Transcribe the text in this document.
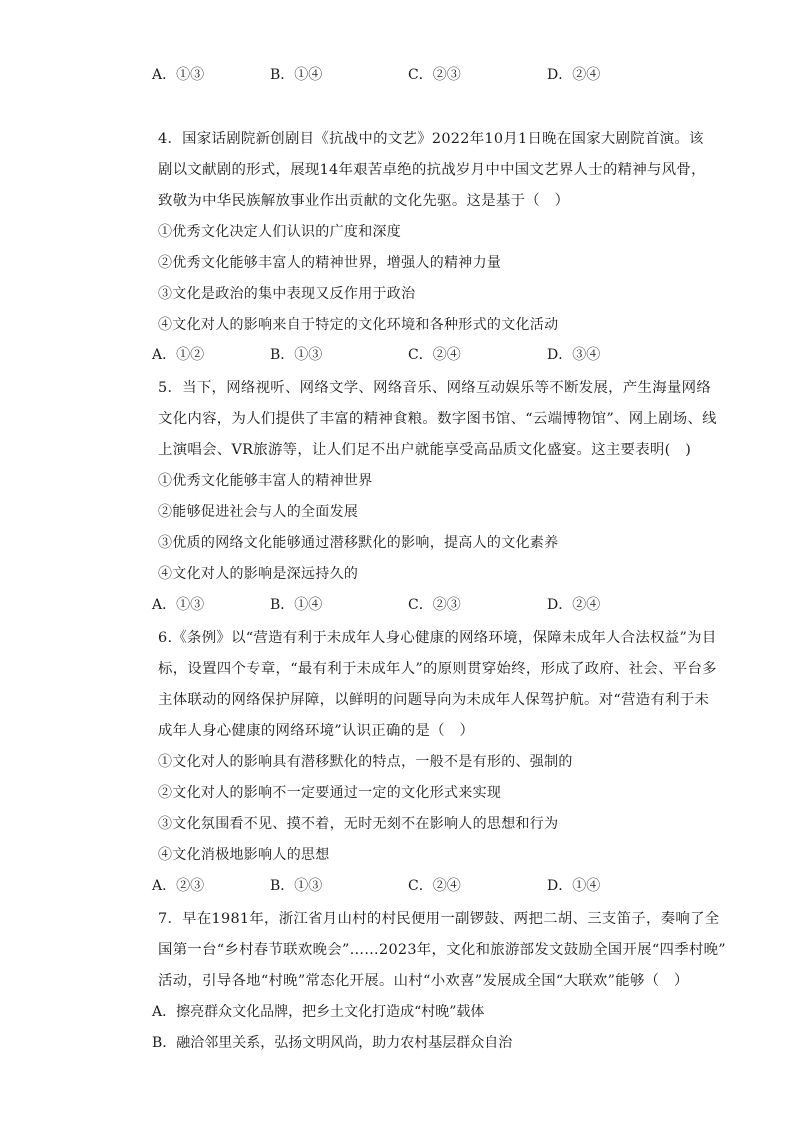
A．①③	B．①④	C．②③	D．②④
4．国家话剧院新创剧目《抗战中的文艺》2022年10月1日晚在国家大剧院首演。该
剧以文献剧的形式，展现14年艰苦卓绝的抗战岁月中中国文艺界人士的精神与风骨，
致敬为中华民族解放事业作出贡献的文化先驱。这是基于（　）
①优秀文化决定人们认识的广度和深度
②优秀文化能够丰富人的精神世界，增强人的精神力量
③文化是政治的集中表现又反作用于政治
④文化对人的影响来自于特定的文化环境和各种形式的文化活动
A．①②	B．①③	C．②④	D．③④
5．当下，网络视听、网络文学、网络音乐、网络互动娱乐等不断发展，产生海量网络
文化内容，为人们提供了丰富的精神食粮。数字图书馆、“云端博物馆”、网上剧场、线
上演唱会、VR旅游等，让人们足不出户就能享受高品质文化盛宴。这主要表明(　)
①优秀文化能够丰富人的精神世界
②能够促进社会与人的全面发展
③优质的网络文化能够通过潜移默化的影响，提高人的文化素养
④文化对人的影响是深远持久的
A．①③	B．①④	C．②③	D．②④
6.《条例》以“营造有利于未成年人身心健康的网络环境，保障未成年人合法权益”为目
标，设置四个专章，“最有利于未成年人”的原则贯穿始终，形成了政府、社会、平台多
主体联动的网络保护屏障，以鲜明的问题导向为未成年人保驾护航。对“营造有利于未
成年人身心健康的网络环境”认识正确的是（　）
①文化对人的影响具有潜移默化的特点，一般不是有形的、强制的
②文化对人的影响不一定要通过一定的文化形式来实现
③文化氛围看不见、摸不着，无时无刻不在影响人的思想和行为
④文化消极地影响人的思想
A．②③	B．①③	C．②④	D．①④
7．早在1981年，浙江省月山村的村民便用一副锣鼓、两把二胡、三支笛子，奏响了全
国第一台“乡村春节联欢晚会”……2023年，文化和旅游部发文鼓励全国开展“四季村晚”
活动，引导各地“村晚”常态化开展。山村“小欢喜”发展成全国“大联欢”能够（　）
A．擦亮群众文化品牌，把乡土文化打造成“村晚”载体
B．融洽邻里关系，弘扬文明风尚，助力农村基层群众自治
